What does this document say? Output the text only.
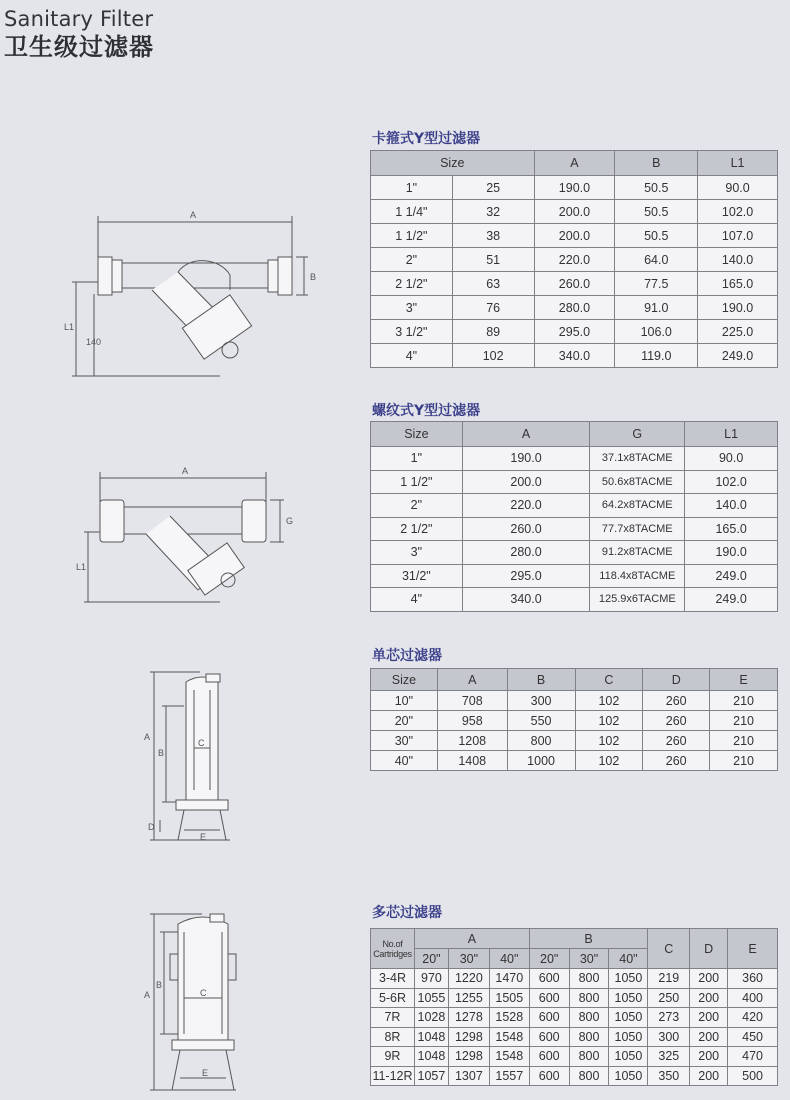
Sanitary Filter
卫生级过滤器
卡箍式Y型过滤器
A
B
L1
140
Size		A	B	L1
1"	25	190.0	50.5	90.0
1 1/4"	32	200.0	50.5	102.0
1 1/2"	38	200.0	50.5	107.0
2"	51	220.0	64.0	140.0
2 1/2"	63	260.0	77.5	165.0
3"	76	280.0	91.0	190.0
3 1/2"	89	295.0	106.0	225.0
4"	102	340.0	119.0	249.0
螺纹式Y型过滤器
A
G
L1
Size	A	G	L1
1"	190.0	37.1x8TACME	90.0
1 1/2"	200.0	50.6x8TACME	102.0
2"	220.0	64.2x8TACME	140.0
2 1/2"	260.0	77.7x8TACME	165.0
3"	280.0	91.2x8TACME	190.0
31/2"	295.0	118.4x8TACME	249.0
4"	340.0	125.9x6TACME	249.0
单芯过滤器
A
B
C
D
E
Size	A	B	C	D	E
10"	708	300	102	260	210
20"	958	550	102	260	210
30"	1208	800	102	260	210
40"	1408	1000	102	260	210
多芯过滤器
A
B
C
E
No.of
Cartridges	A			B			C	D	E
	20"	30"	40"	20"	30"	40"			
3-4R	970	1220	1470	600	800	1050	219	200	360
5-6R	1055	1255	1505	600	800	1050	250	200	400
7R	1028	1278	1528	600	800	1050	273	200	420
8R	1048	1298	1548	600	800	1050	300	200	450
9R	1048	1298	1548	600	800	1050	325	200	470
11-12R	1057	1307	1557	600	800	1050	350	200	500
